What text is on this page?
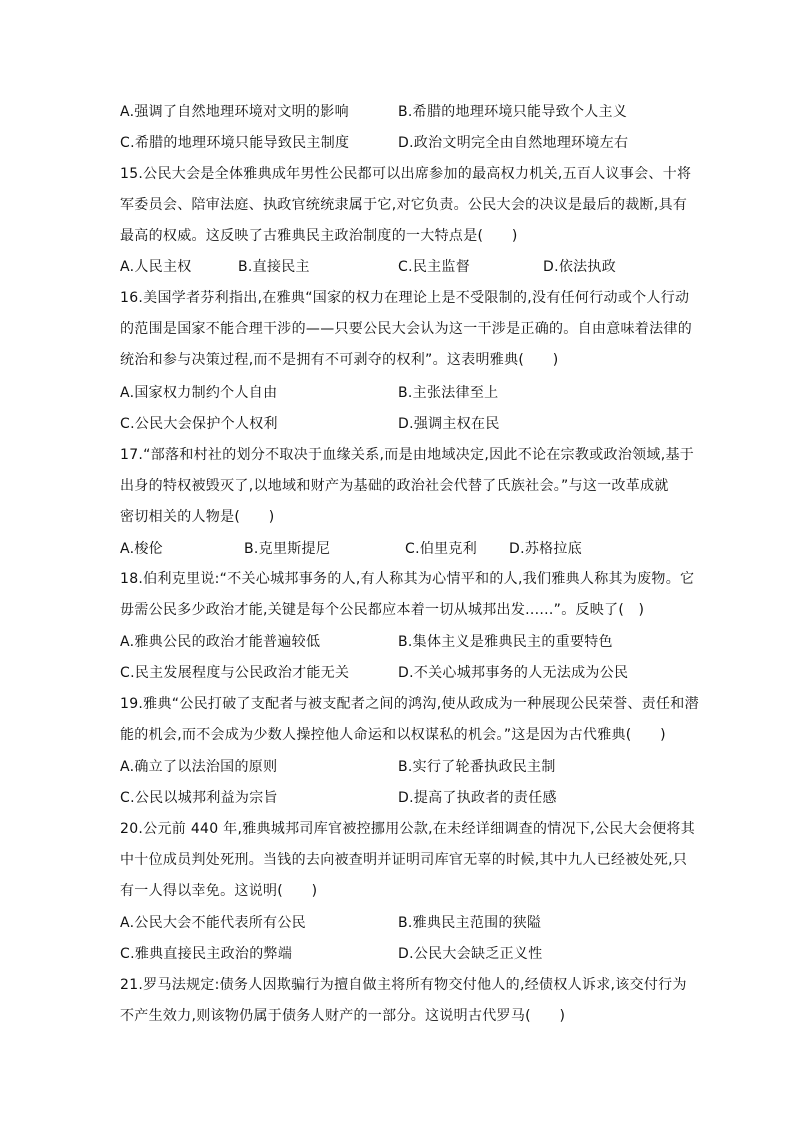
A.强调了自然地理环境对文明的影响	B.希腊的地理环境只能导致个人主义
C.希腊的地理环境只能导致民主制度	D.政治文明完全由自然地理环境左右
15.公民大会是全体雅典成年男性公民都可以出席参加的最高权力机关,五百人议事会、十将
军委员会、陪审法庭、执政官统统隶属于它,对它负责。公民大会的决议是最后的裁断,具有
最高的权威。这反映了古雅典民主政治制度的一大特点是(　　)
A.人民主权	B.直接民主	C.民主监督	D.依法执政
16.美国学者芬利指出,在雅典“国家的权力在理论上是不受限制的,没有任何行动或个人行动
的范围是国家不能合理干涉的——只要公民大会认为这一干涉是正确的。自由意味着法律的
统治和参与决策过程,而不是拥有不可剥夺的权利”。这表明雅典(　　)
A.国家权力制约个人自由	B.主张法律至上
C.公民大会保护个人权利	D.强调主权在民
17.“部落和村社的划分不取决于血缘关系,而是由地域决定,因此不论在宗教或政治领域,基于
出身的特权被毁灭了,以地域和财产为基础的政治社会代替了氏族社会。”与这一改革成就
密切相关的人物是(　　)
A.梭伦	B.克里斯提尼	C.伯里克利 D.苏格拉底
18.伯利克里说:“不关心城邦事务的人,有人称其为心情平和的人,我们雅典人称其为废物。它
毋需公民多少政治才能,关键是每个公民都应本着一切从城邦出发......”。反映了(　)
A.雅典公民的政治才能普遍较低	B.集体主义是雅典民主的重要特色
C.民主发展程度与公民政治才能无关	D.不关心城邦事务的人无法成为公民
19.雅典“公民打破了支配者与被支配者之间的鸿沟,使从政成为一种展现公民荣誉、责任和潜
能的机会,而不会成为少数人操控他人命运和以权谋私的机会。”这是因为古代雅典(　　)
A.确立了以法治国的原则	B.实行了轮番执政民主制
C.公民以城邦利益为宗旨	D.提高了执政者的责任感
20.公元前 440 年,雅典城邦司库官被控挪用公款,在未经详细调查的情况下,公民大会便将其
中十位成员判处死刑。当钱的去向被查明并证明司库官无辜的时候,其中九人已经被处死,只
有一人得以幸免。这说明(　　)
A.公民大会不能代表所有公民	B.雅典民主范围的狭隘
C.雅典直接民主政治的弊端	D.公民大会缺乏正义性
21.罗马法规定:债务人因欺骗行为擅自做主将所有物交付他人的,经债权人诉求,该交付行为
不产生效力,则该物仍属于债务人财产的一部分。这说明古代罗马(　　)
